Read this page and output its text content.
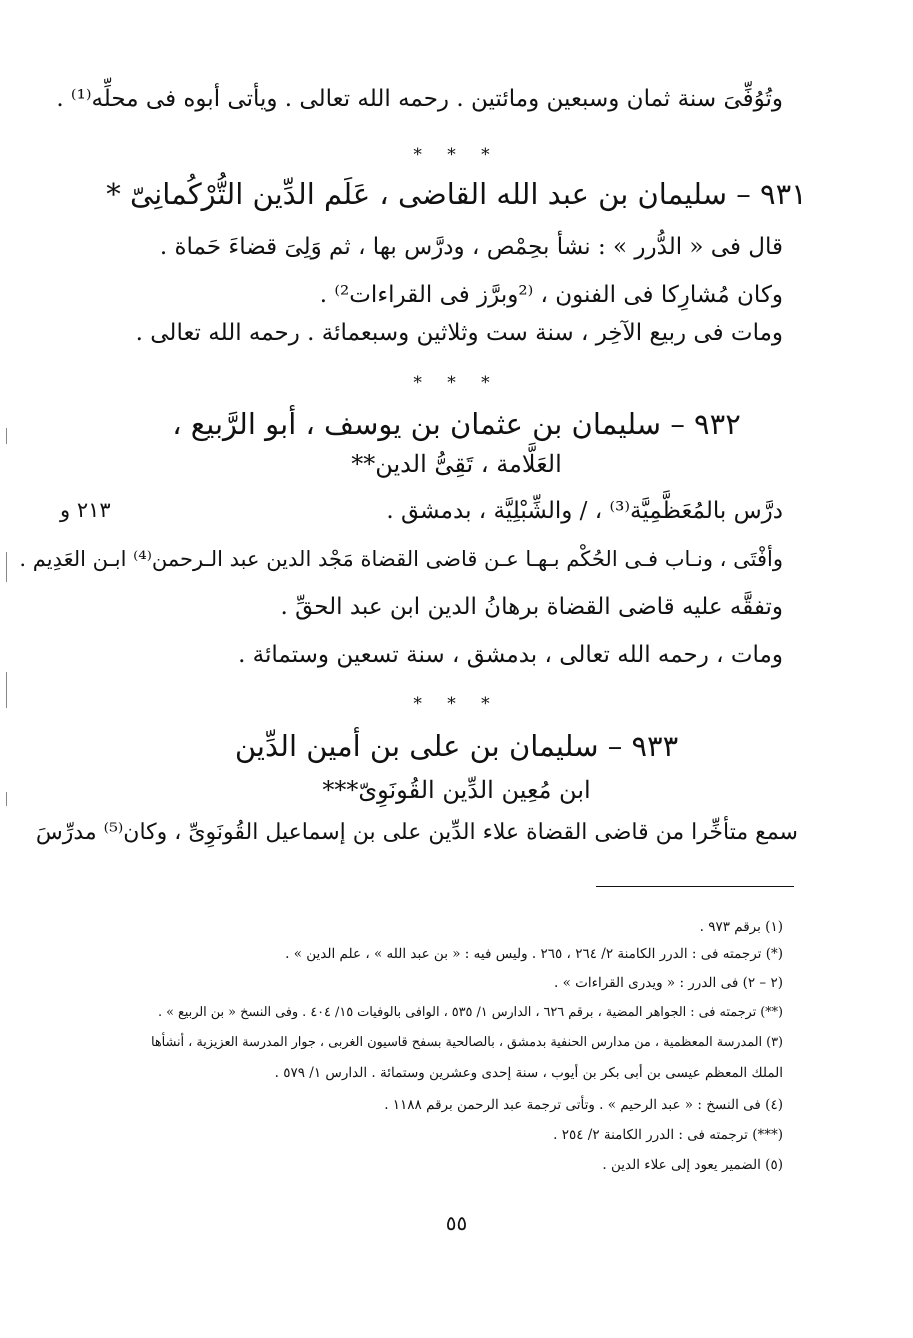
وتُوُفِّىَ سنة ثمان وسبعين ومائتين . رحمه الله تعالى . ويأتى أبوه فى محلِّه⁽¹⁾ .
* * *
٩٣١ – سليمان بن عبد الله القاضى ، عَلَم الدِّين التُّرْكُمانِىّ *
قال فى « الدُّرر » : نشأ بحِمْص ، ودرَّس بها ، ثم وَلِىَ قضاءَ حَماة .
وكان مُشارِكا فى الفنون ، ⁽²وبرَّز فى القراءات²⁾ .
ومات فى ربيع الآخِر ، سنة ست وثلاثين وسبعمائة . رحمه الله تعالى .
* * *
٩٣٢ – سليمان بن عثمان بن يوسف ، أبو الرَّبيع ،
العَلَّامة ، تَقِىُّ الدين**
٢١٣ و	درَّس بالمُعَظَّمِيَّة⁽³⁾ ، / والشِّبْلِيَّة ، بدمشق .
وأفْتَى ، ونـاب فـى الحُكْم بـهـا عـن قاضى القضاة مَجْد الدين عبد الـرحمن⁽⁴⁾ ابـن العَدِيم .
وتفقَّه عليه قاضى القضاة برهانُ الدين ابن عبد الحقِّ .
ومات ، رحمه الله تعالى ، بدمشق ، سنة تسعين وستمائة .
* * *
٩٣٣ – سليمان بن على بن أمين الدِّين
ابن مُعِين الدِّين القُونَوِىّ***
سمع متأخِّرا من قاضى القضاة علاء الدِّين على بن إسماعيل القُونَوِىِّ ، وكان⁽⁵⁾ مدرِّسَ
(١) برقم ٩٧٣ .
(*) ترجمته فى : الدرر الكامنة ٢/ ٢٦٤ ، ٢٦٥ . وليس فيه : « بن عبد الله » ، علم الدين » .
(٢ – ٢) فى الدرر : « ويدرى القراءات » .
(**) ترجمته فى : الجواهر المضية ، برقم ٦٢٦ ، الدارس ١/ ٥٣٥ ، الوافى بالوفيات ١٥/ ٤٠٤ . وفى النسخ « بن الربيع » .
(٣) المدرسة المعظمية ، من مدارس الحنفية بدمشق ، بالصالحية بسفح قاسيون الغربى ، جوار المدرسة العزيزية ، أنشأها
الملك المعظم عيسى بن أبى بكر بن أيوب ، سنة إحدى وعشرين وستمائة . الدارس ١/ ٥٧٩ .
(٤) فى النسخ : « عبد الرحيم » . وتأتى ترجمة عبد الرحمن برقم ١١٨٨ .
(***) ترجمته فى : الدرر الكامنة ٢/ ٢٥٤ .
(٥) الضمير يعود إلى علاء الدين .
٥٥
